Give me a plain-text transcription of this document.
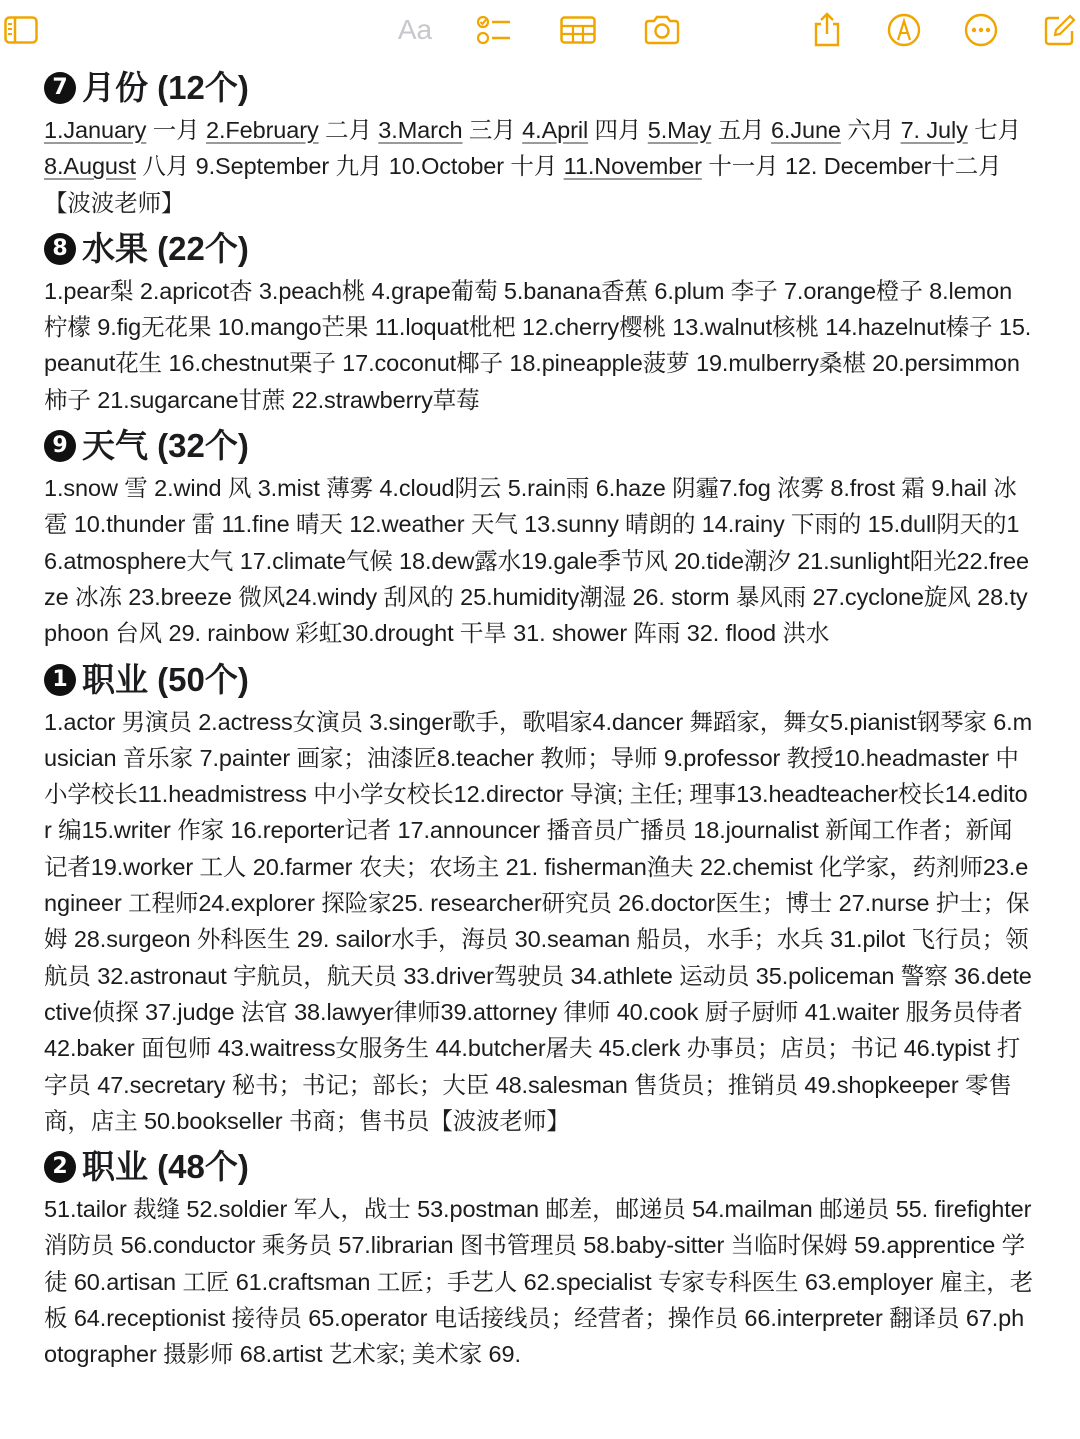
Aa
7 月份 (12个)

1.January 一月 2.February 二月 3.March 三月 4.April 四月 5.May 五月 6.June 六月 7. July 七月 8.August 八月 9.September 九月 10.October 十月 11.November 十一月 12. December十二月 【波波老师】

8 水果 (22个)

1.pear梨 2.apricot杏 3.peach桃 4.grape葡萄 5.banana香蕉 6.plum 李子 7.orange橙子 8.lemon柠檬 9.fig无花果 10.mango芒果 11.loquat枇杷 12.cherry樱桃 13.walnut核桃 14.hazelnut榛子 15.peanut花生 16.chestnut栗子 17.coconut椰子 18.pineapple菠萝 19.mulberry桑椹 20.persimmon柿子 21.sugarcane甘蔗 22.strawberry草莓

9 天气 (32个)

1.snow 雪 2.wind 风 3.mist 薄雾 4.cloud阴云 5.rain雨 6.haze 阴霾7.fog 浓雾 8.frost 霜 9.hail 冰雹 10.thunder 雷 11.fine 晴天 12.weather 天气 13.sunny 晴朗的 14.rainy 下雨的 15.dull阴天的16.atmosphere大气 17.climate气候 18.dew露水19.gale季节风 20.tide潮汐 21.sunlight阳光22.freeze 冰冻 23.breeze 微风24.windy 刮风的 25.humidity潮湿 26. storm 暴风雨 27.cyclone旋风 28.typhoon 台风 29. rainbow 彩虹30.drought 干旱 31. shower 阵雨 32. flood 洪水

1 职业 (50个)

1.actor 男演员 2.actress女演员 3.singer歌手，歌唱家4.dancer 舞蹈家，舞女5.pianist钢琴家 6.musician 音乐家 7.painter 画家；油漆匠8.teacher 教师；导师 9.professor 教授10.headmaster 中小学校长11.headmistress 中小学女校长12.director 导演; 主任; 理事13.headteacher校长14.editor 编15.writer 作家 16.reporter记者 17.announcer 播音员广播员 18.journalist 新闻工作者；新闻记者19.worker 工人 20.farmer 农夫；农场主 21. fisherman渔夫 22.chemist 化学家，药剂师23.engineer 工程师24.explorer 探险家25. researcher研究员 26.doctor医生；博士 27.nurse 护士；保姆 28.surgeon 外科医生 29. sailor水手，海员 30.seaman 船员，水手；水兵 31.pilot 飞行员；领航员 32.astronaut 宇航员，航天员 33.driver驾驶员 34.athlete 运动员 35.policeman 警察 36.detective侦探 37.judge 法官 38.lawyer律师39.attorney 律师 40.cook 厨子厨师 41.waiter 服务员侍者 42.baker 面包师 43.waitress女服务生 44.butcher屠夫 45.clerk 办事员；店员；书记 46.typist 打字员 47.secretary 秘书；书记；部长；大臣 48.salesman 售货员；推销员 49.shopkeeper 零售商，店主 50.bookseller 书商；售书员【波波老师】

2 职业 (48个)

51.tailor 裁缝 52.soldier 军人，战士 53.postman 邮差，邮递员 54.mailman 邮递员 55. firefighter 消防员 56.conductor 乘务员 57.librarian 图书管理员 58.baby-sitter 当临时保姆 59.apprentice 学徒 60.artisan 工匠 61.craftsman 工匠；手艺人 62.specialist 专家专科医生 63.employer 雇主，老板 64.receptionist 接待员 65.operator 电话接线员；经营者；操作员 66.interpreter 翻译员 67.photographer 摄影师 68.artist 艺术家; 美术家 69.
